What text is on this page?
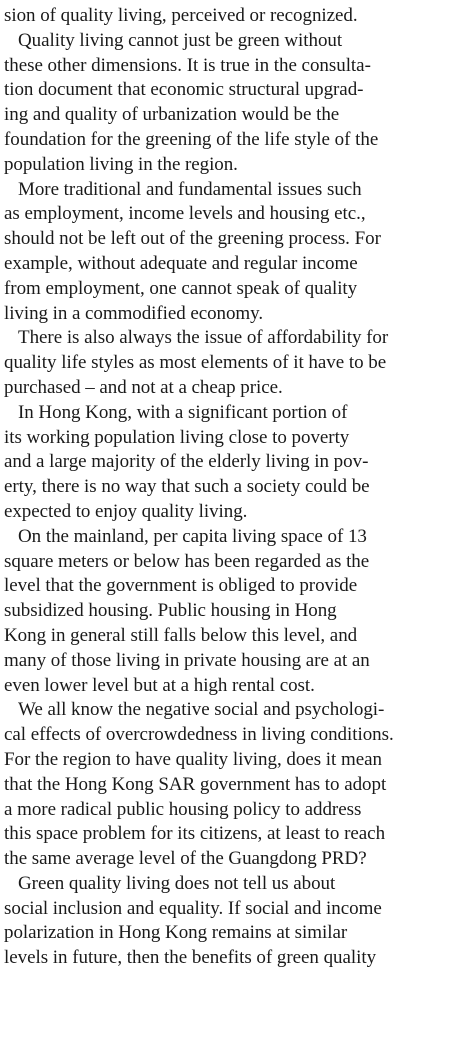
sion of quality living, perceived or recognized.
Quality living cannot just be green without
these other dimensions. It is true in the consulta-
tion document that economic structural upgrad-
ing and quality of urbanization would be the
foundation for the greening of the life style of the
population living in the region.
More traditional and fundamental issues such
as employment, income levels and housing etc.,
should not be left out of the greening process. For
example, without adequate and regular income
from employment, one cannot speak of quality
living in a commodified economy.
There is also always the issue of affordability for
quality life styles as most elements of it have to be
purchased – and not at a cheap price.
In Hong Kong, with a significant portion of
its working population living close to poverty
and a large majority of the elderly living in pov-
erty, there is no way that such a society could be
expected to enjoy quality living.
On the mainland, per capita living space of 13
square meters or below has been regarded as the
level that the government is obliged to provide
subsidized housing. Public housing in Hong
Kong in general still falls below this level, and
many of those living in private housing are at an
even lower level but at a high rental cost.
We all know the negative social and psychologi-
cal effects of overcrowdedness in living conditions.
For the region to have quality living, does it mean
that the Hong Kong SAR government has to adopt
a more radical public housing policy to address
this space problem for its citizens, at least to reach
the same average level of the Guangdong PRD?
Green quality living does not tell us about
social inclusion and equality. If social and income
polarization in Hong Kong remains at similar
levels in future, then the benefits of green quality
